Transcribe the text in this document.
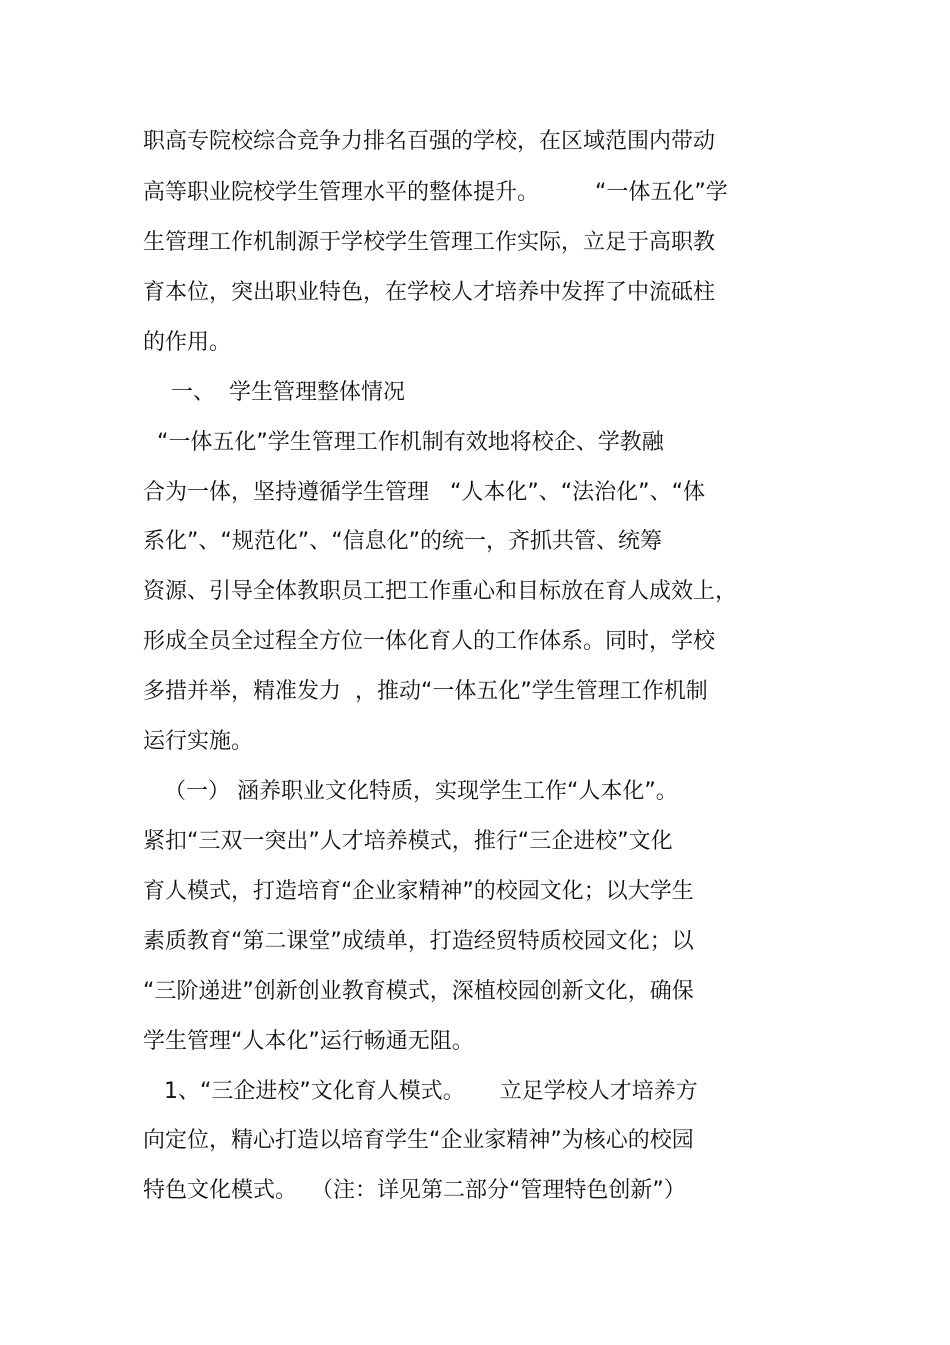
职高专院校综合竞争力排名百强的学校，在区域范围内带动

高等职业院校学生管理水平的整体提升。        “一体五化”学

生管理工作机制源于学校学生管理工作实际，立足于高职教

育本位，突出职业特色，在学校人才培养中发挥了中流砥柱

的作用。

一、  学生管理整体情况

“一体五化”学生管理工作机制有效地将校企、学教融

合为一体，坚持遵循学生管理   “人本化”、“法治化”、“体

系化”、“规范化”、“信息化”的统一，齐抓共管、统筹

资源、引导全体教职员工把工作重心和目标放在育人成效上，

形成全员全过程全方位一体化育人的工作体系。同时，学校

多措并举，精准发力  ，推动“一体五化”学生管理工作机制

运行实施。

（一） 涵养职业文化特质，实现学生工作“人本化”。

紧扣“三双一突出”人才培养模式，推行“三企进校”文化

育人模式，打造培育“企业家精神”的校园文化；以大学生

素质教育“第二课堂”成绩单，打造经贸特质校园文化；以

“三阶递进”创新创业教育模式，深植校园创新文化，确保

学生管理“人本化”运行畅通无阻。

1、“三企进校”文化育人模式。     立足学校人才培养方

向定位，精心打造以培育学生“企业家精神”为核心的校园

特色文化模式。  （注：详见第二部分“管理特色创新”）
